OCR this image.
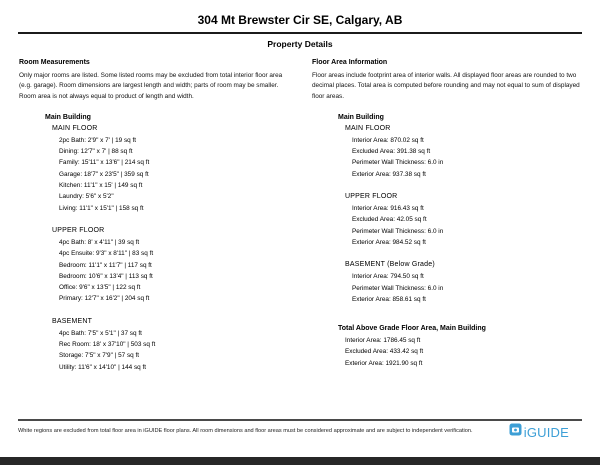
304 Mt Brewster Cir SE, Calgary, AB
Property Details
Room Measurements
Only major rooms are listed. Some listed rooms may be excluded from total interior floor area (e.g. garage). Room dimensions are largest length and width; parts of room may be smaller. Room area is not always equal to product of length and width.
Main Building
MAIN FLOOR
2pc Bath: 2'9" x 7' | 19 sq ft
Dining: 12'7" x 7' | 88 sq ft
Family: 15'11" x 13'6" | 214 sq ft
Garage: 18'7" x 23'5" | 359 sq ft
Kitchen: 11'1" x 15' | 149 sq ft
Laundry: 5'6" x 5'2"
Living: 11'1" x 15'1" | 158 sq ft
UPPER FLOOR
4pc Bath: 8' x 4'11" | 39 sq ft
4pc Ensuite: 9'3" x 8'11" | 83 sq ft
Bedroom: 11'1" x 11'7" | 117 sq ft
Bedroom: 10'6" x 13'4" | 113 sq ft
Office: 9'6" x 13'5" | 122 sq ft
Primary: 12'7" x 16'2" | 204 sq ft
BASEMENT
4pc Bath: 7'5" x 5'1" | 37 sq ft
Rec Room: 18' x 37'10" | 503 sq ft
Storage: 7'5" x 7'9" | 57 sq ft
Utility: 11'6" x 14'10" | 144 sq ft
Floor Area Information
Floor areas include footprint area of interior walls. All displayed floor areas are rounded to two decimal places. Total area is computed before rounding and may not equal to sum of displayed floor areas.
Main Building
MAIN FLOOR
Interior Area: 870.02 sq ft
Excluded Area: 391.38 sq ft
Perimeter Wall Thickness: 6.0 in
Exterior Area: 937.38 sq ft
UPPER FLOOR
Interior Area: 916.43 sq ft
Excluded Area: 42.05 sq ft
Perimeter Wall Thickness: 6.0 in
Exterior Area: 984.52 sq ft
BASEMENT (Below Grade)
Interior Area: 794.50 sq ft
Perimeter Wall Thickness: 6.0 in
Exterior Area: 858.61 sq ft
Total Above Grade Floor Area, Main Building
Interior Area: 1786.45 sq ft
Excluded Area: 433.42 sq ft
Exterior Area: 1921.90 sq ft
White regions are excluded from total floor area in iGUIDE floor plans. All room dimensions and floor areas must be considered approximate and are subject to independent verification.	iGUIDE
